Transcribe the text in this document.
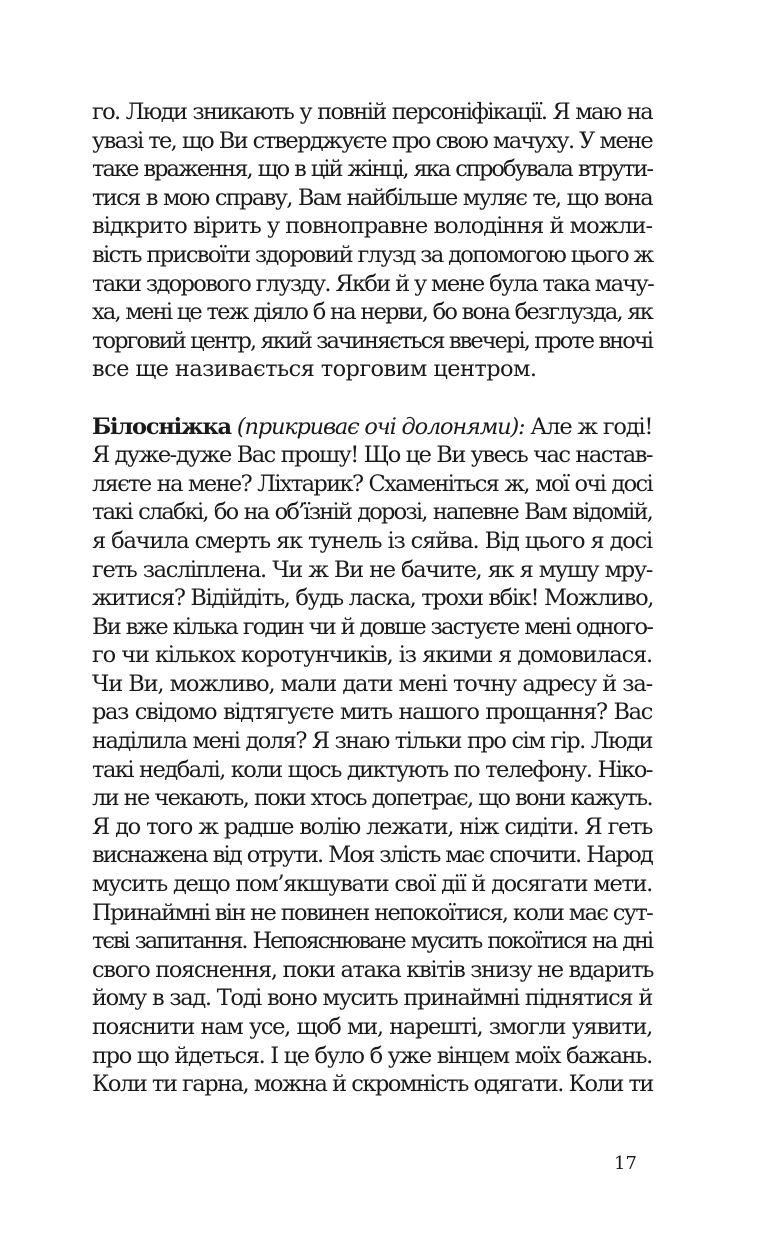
го. Люди зникають у повній персоніфікації. Я маю на
увазі те, що Ви стверджуєте про свою мачуху. У мене
таке враження, що в цій жінці, яка спробувала втрути-
тися в мою справу, Вам найбільше муляє те, що вона
відкрито вірить у повноправне володіння й можли-
вість присвоїти здоровий глузд за допомогою цього ж
таки здорового глузду. Якби й у мене була така мачу-
ха, мені це теж діяло б на нерви, бо вона безглузда, як
торговий центр, який зачиняється ввечері, проте вночі
все ще називається торговим центром.
Білосніжка (прикриває очі долонями): Але ж годі!
Я дуже-дуже Вас прошу! Що це Ви увесь час настав-
ляєте на мене? Ліхтарик? Схаменіться ж, мої очі досі
такі слабкі, бо на об’їзній дорозі, напевне Вам відомій,
я бачила смерть як тунель із сяйва. Від цього я досі
геть засліплена. Чи ж Ви не бачите, як я мушу мру-
житися? Відійдіть, будь ласка, трохи вбік! Можливо,
Ви вже кілька годин чи й довше застуєте мені одного-
го чи кількох коротунчиків, із якими я домовилася.
Чи Ви, можливо, мали дати мені точну адресу й за-
раз свідомо відтягуєте мить нашого прощання? Вас
наділила мені доля? Я знаю тільки про сім гір. Люди
такі недбалі, коли щось диктують по телефону. Ніко-
ли не чекають, поки хтось допетрає, що вони кажуть.
Я до того ж радше волію лежати, ніж сидіти. Я геть
виснажена від отрути. Моя злість має спочити. Народ
мусить дещо пом’якшувати свої дії й досягати мети.
Принаймні він не повинен непокоїтися, коли має сут-
тєві запитання. Непояснюване мусить покоїтися на дні
свого пояснення, поки атака квітів знизу не вдарить
йому в зад. Тоді воно мусить принаймні піднятися й
пояснити нам усе, щоб ми, нарешті, змогли уявити,
про що йдеться. І це було б уже вінцем моїх бажань.
Коли ти гарна, можна й скромність одягати. Коли ти
17
